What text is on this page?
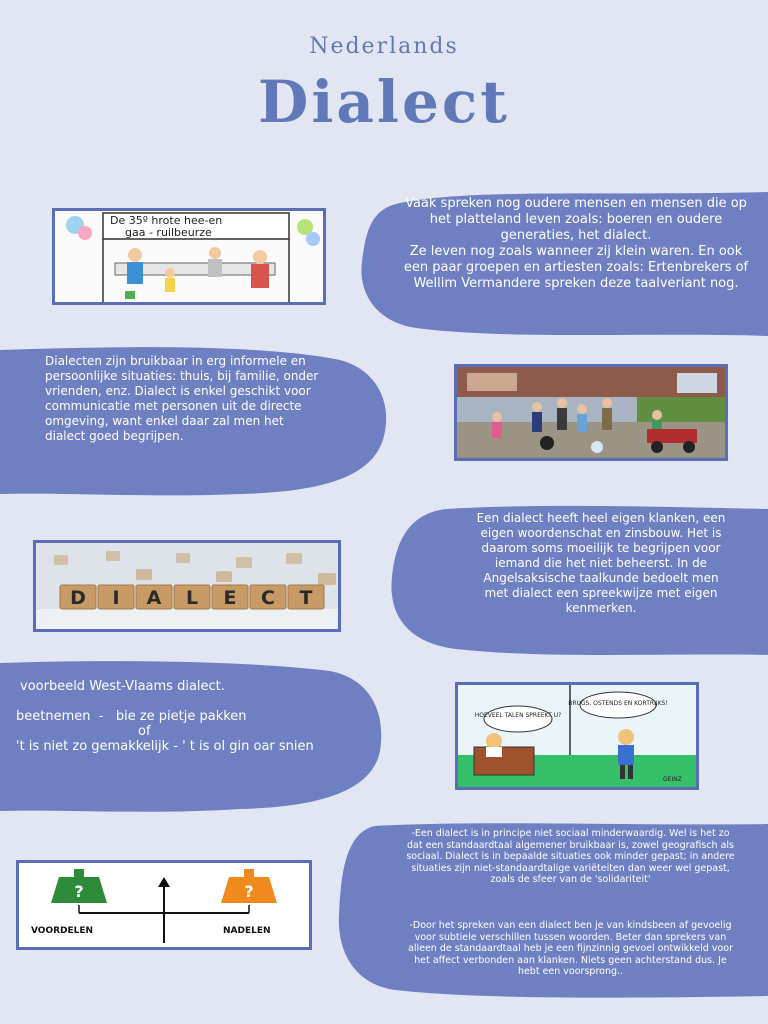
Nederlands
Dialect
Vaak spreken nog oudere mensen en mensen die op het platteland leven zoals: boeren en oudere generaties, het dialect.
Ze leven nog zoals wanneer zij klein waren. En ook een paar groepen en artiesten zoals: Ertenbrekers of Wellim Vermandere spreken deze taalveriant nog.
De 35º hrote hee-en
gaa - ruilbeurze
Dialecten zijn bruikbaar in erg informele en persoonlijke situaties: thuis, bij familie, onder vrienden, enz. Dialect is enkel geschikt voor communicatie met personen uit de directe omgeving, want enkel daar zal men het dialect goed begrijpen.
Een dialect heeft heel eigen klanken, een eigen woordenschat en zinsbouw. Het is daarom soms moeilijk te begrijpen voor iemand die het niet beheerst. In de Angelsaksische taalkunde bedoelt men met dialect een spreekwijze met eigen kenmerken.
D I A L E C T
voorbeeld West-Vlaams dialect.
beetnemen  -   bie ze pietje pakken
of
't is niet zo gemakkelijk - ' t is ol gin oar snien
HOEVEEL TALEN SPREEKT U?
BRUGS, OSTENDS EN KORTRIJKS!
GEINZ
-Een dialect is in principe niet sociaal minderwaardig. Wel is het zo dat een standaardtaal algemener bruikbaar is, zowel geografisch als sociaal. Dialect is in bepaalde situaties ook minder gepast; in andere situaties zijn niet-standaardtalige variëteiten dan weer wel gepast, zoals de sfeer van de 'solidariteit'
-Door het spreken van een dialect ben je van kindsbeen af gevoelig voor subtiele verschillen tussen woorden. Beter dan sprekers van alleen de standaardtaal heb je een fijnzinnig gevoel ontwikkeld voor het affect verbonden aan klanken. Niets geen achterstand dus. Je hebt een voorsprong..
?	?
VOORDELEN	NADELEN
